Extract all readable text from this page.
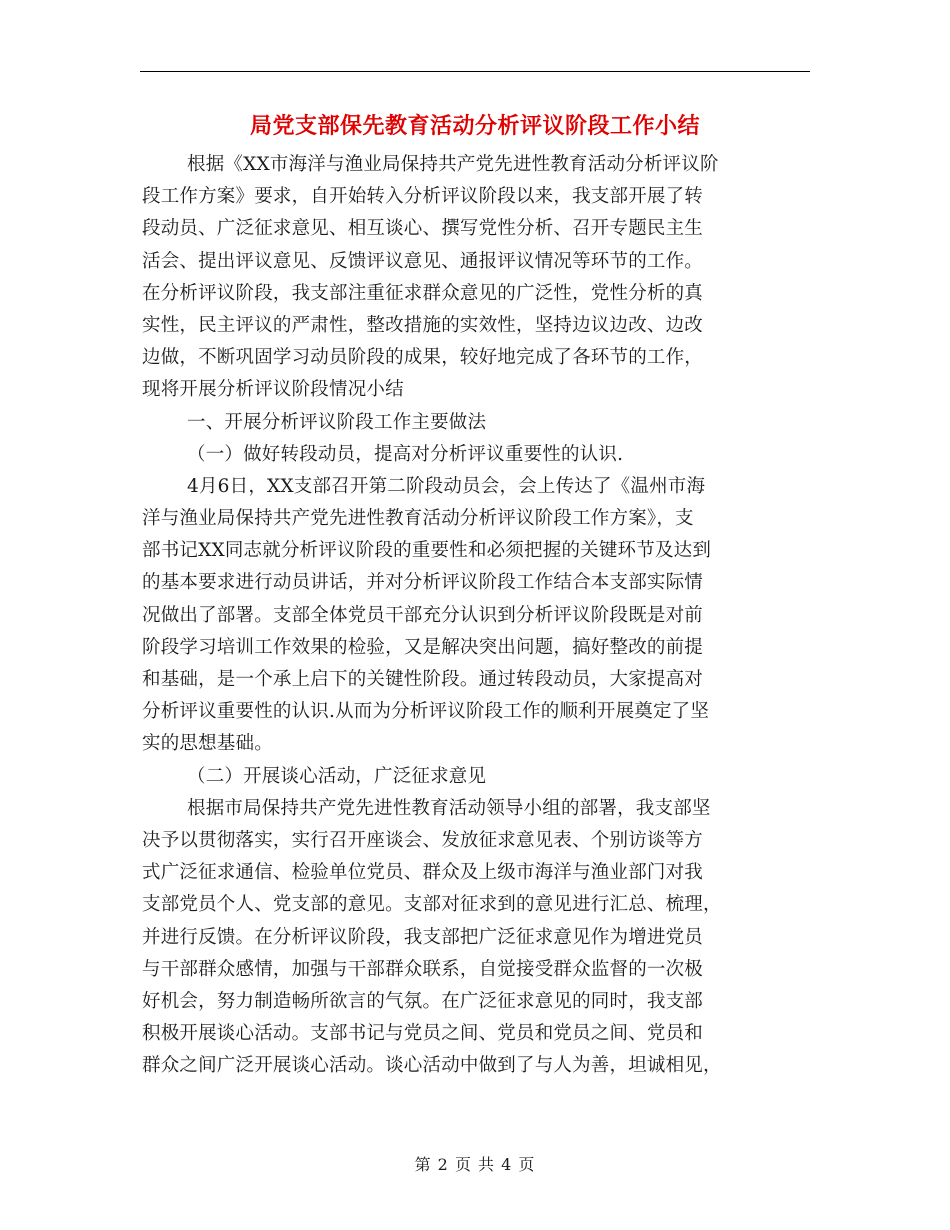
局党支部保先教育活动分析评议阶段工作小结
根据《XX市海洋与渔业局保持共产党先进性教育活动分析评议阶
段工作方案》要求，自开始转入分析评议阶段以来，我支部开展了转
段动员、广泛征求意见、相互谈心、撰写党性分析、召开专题民主生
活会、提出评议意见、反馈评议意见、通报评议情况等环节的工作。
在分析评议阶段，我支部注重征求群众意见的广泛性，党性分析的真
实性，民主评议的严肃性，整改措施的实效性，坚持边议边改、边改
边做，不断巩固学习动员阶段的成果，较好地完成了各环节的工作，
现将开展分析评议阶段情况小结
一、开展分析评议阶段工作主要做法
（一）做好转段动员，提高对分析评议重要性的认识.
4月6日，XX支部召开第二阶段动员会，会上传达了《温州市海
洋与渔业局保持共产党先进性教育活动分析评议阶段工作方案》，支
部书记XX同志就分析评议阶段的重要性和必须把握的关键环节及达到
的基本要求进行动员讲话，并对分析评议阶段工作结合本支部实际情
况做出了部署。支部全体党员干部充分认识到分析评议阶段既是对前
阶段学习培训工作效果的检验，又是解决突出问题，搞好整改的前提
和基础，是一个承上启下的关键性阶段。通过转段动员，大家提高对
分析评议重要性的认识.从而为分析评议阶段工作的顺利开展奠定了坚
实的思想基础。
（二）开展谈心活动，广泛征求意见
根据市局保持共产党先进性教育活动领导小组的部署，我支部坚
决予以贯彻落实，实行召开座谈会、发放征求意见表、个别访谈等方
式广泛征求通信、检验单位党员、群众及上级市海洋与渔业部门对我
支部党员个人、党支部的意见。支部对征求到的意见进行汇总、梳理，
并进行反馈。在分析评议阶段，我支部把广泛征求意见作为增进党员
与干部群众感情，加强与干部群众联系，自觉接受群众监督的一次极
好机会，努力制造畅所欲言的气氛。在广泛征求意见的同时，我支部
积极开展谈心活动。支部书记与党员之间、党员和党员之间、党员和
群众之间广泛开展谈心活动。谈心活动中做到了与人为善，坦诚相见，
第 2 页 共 4 页
